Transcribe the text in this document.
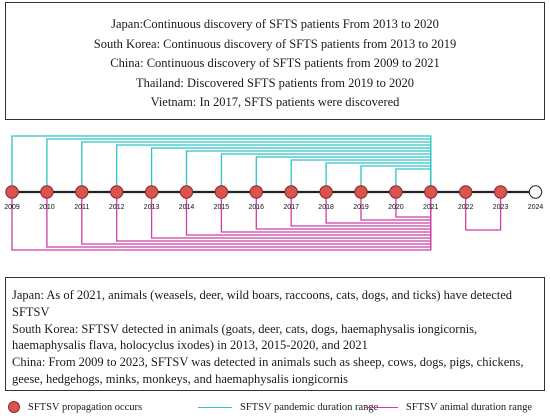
Japan:Continuous discovery of SFTS patients From 2013 to 2020
South Korea: Continuous discovery of SFTS patients from 2013 to 2019
China: Continuous discovery of SFTS patients from 2009 to 2021
Thailand: Discovered SFTS patients from 2019 to 2020
Vietnam: In 2017, SFTS patients were discovered
2009	2010	2011	2012	2013	2014	2015	2016	2017	2018	2019	2020	2021	2022	2023	2024
Japan: As of 2021, animals (weasels, deer, wild boars, raccoons, cats, dogs, and ticks) have detected SFTSV
South Korea: SFTSV detected in animals (goats, deer, cats, dogs, haemaphysalis iongicornis, haemaphysalis flava, holocyclus ixodes) in 2013, 2015-2020, and 2021
China: From 2009 to 2023, SFTSV was detected in animals such as sheep, cows, dogs, pigs, chickens, geese, hedgehogs, minks, monkeys, and haemaphysalis iongicornis
SFTSV propagation occurs	SFTSV pandemic duration range	SFTSV animal duration range
